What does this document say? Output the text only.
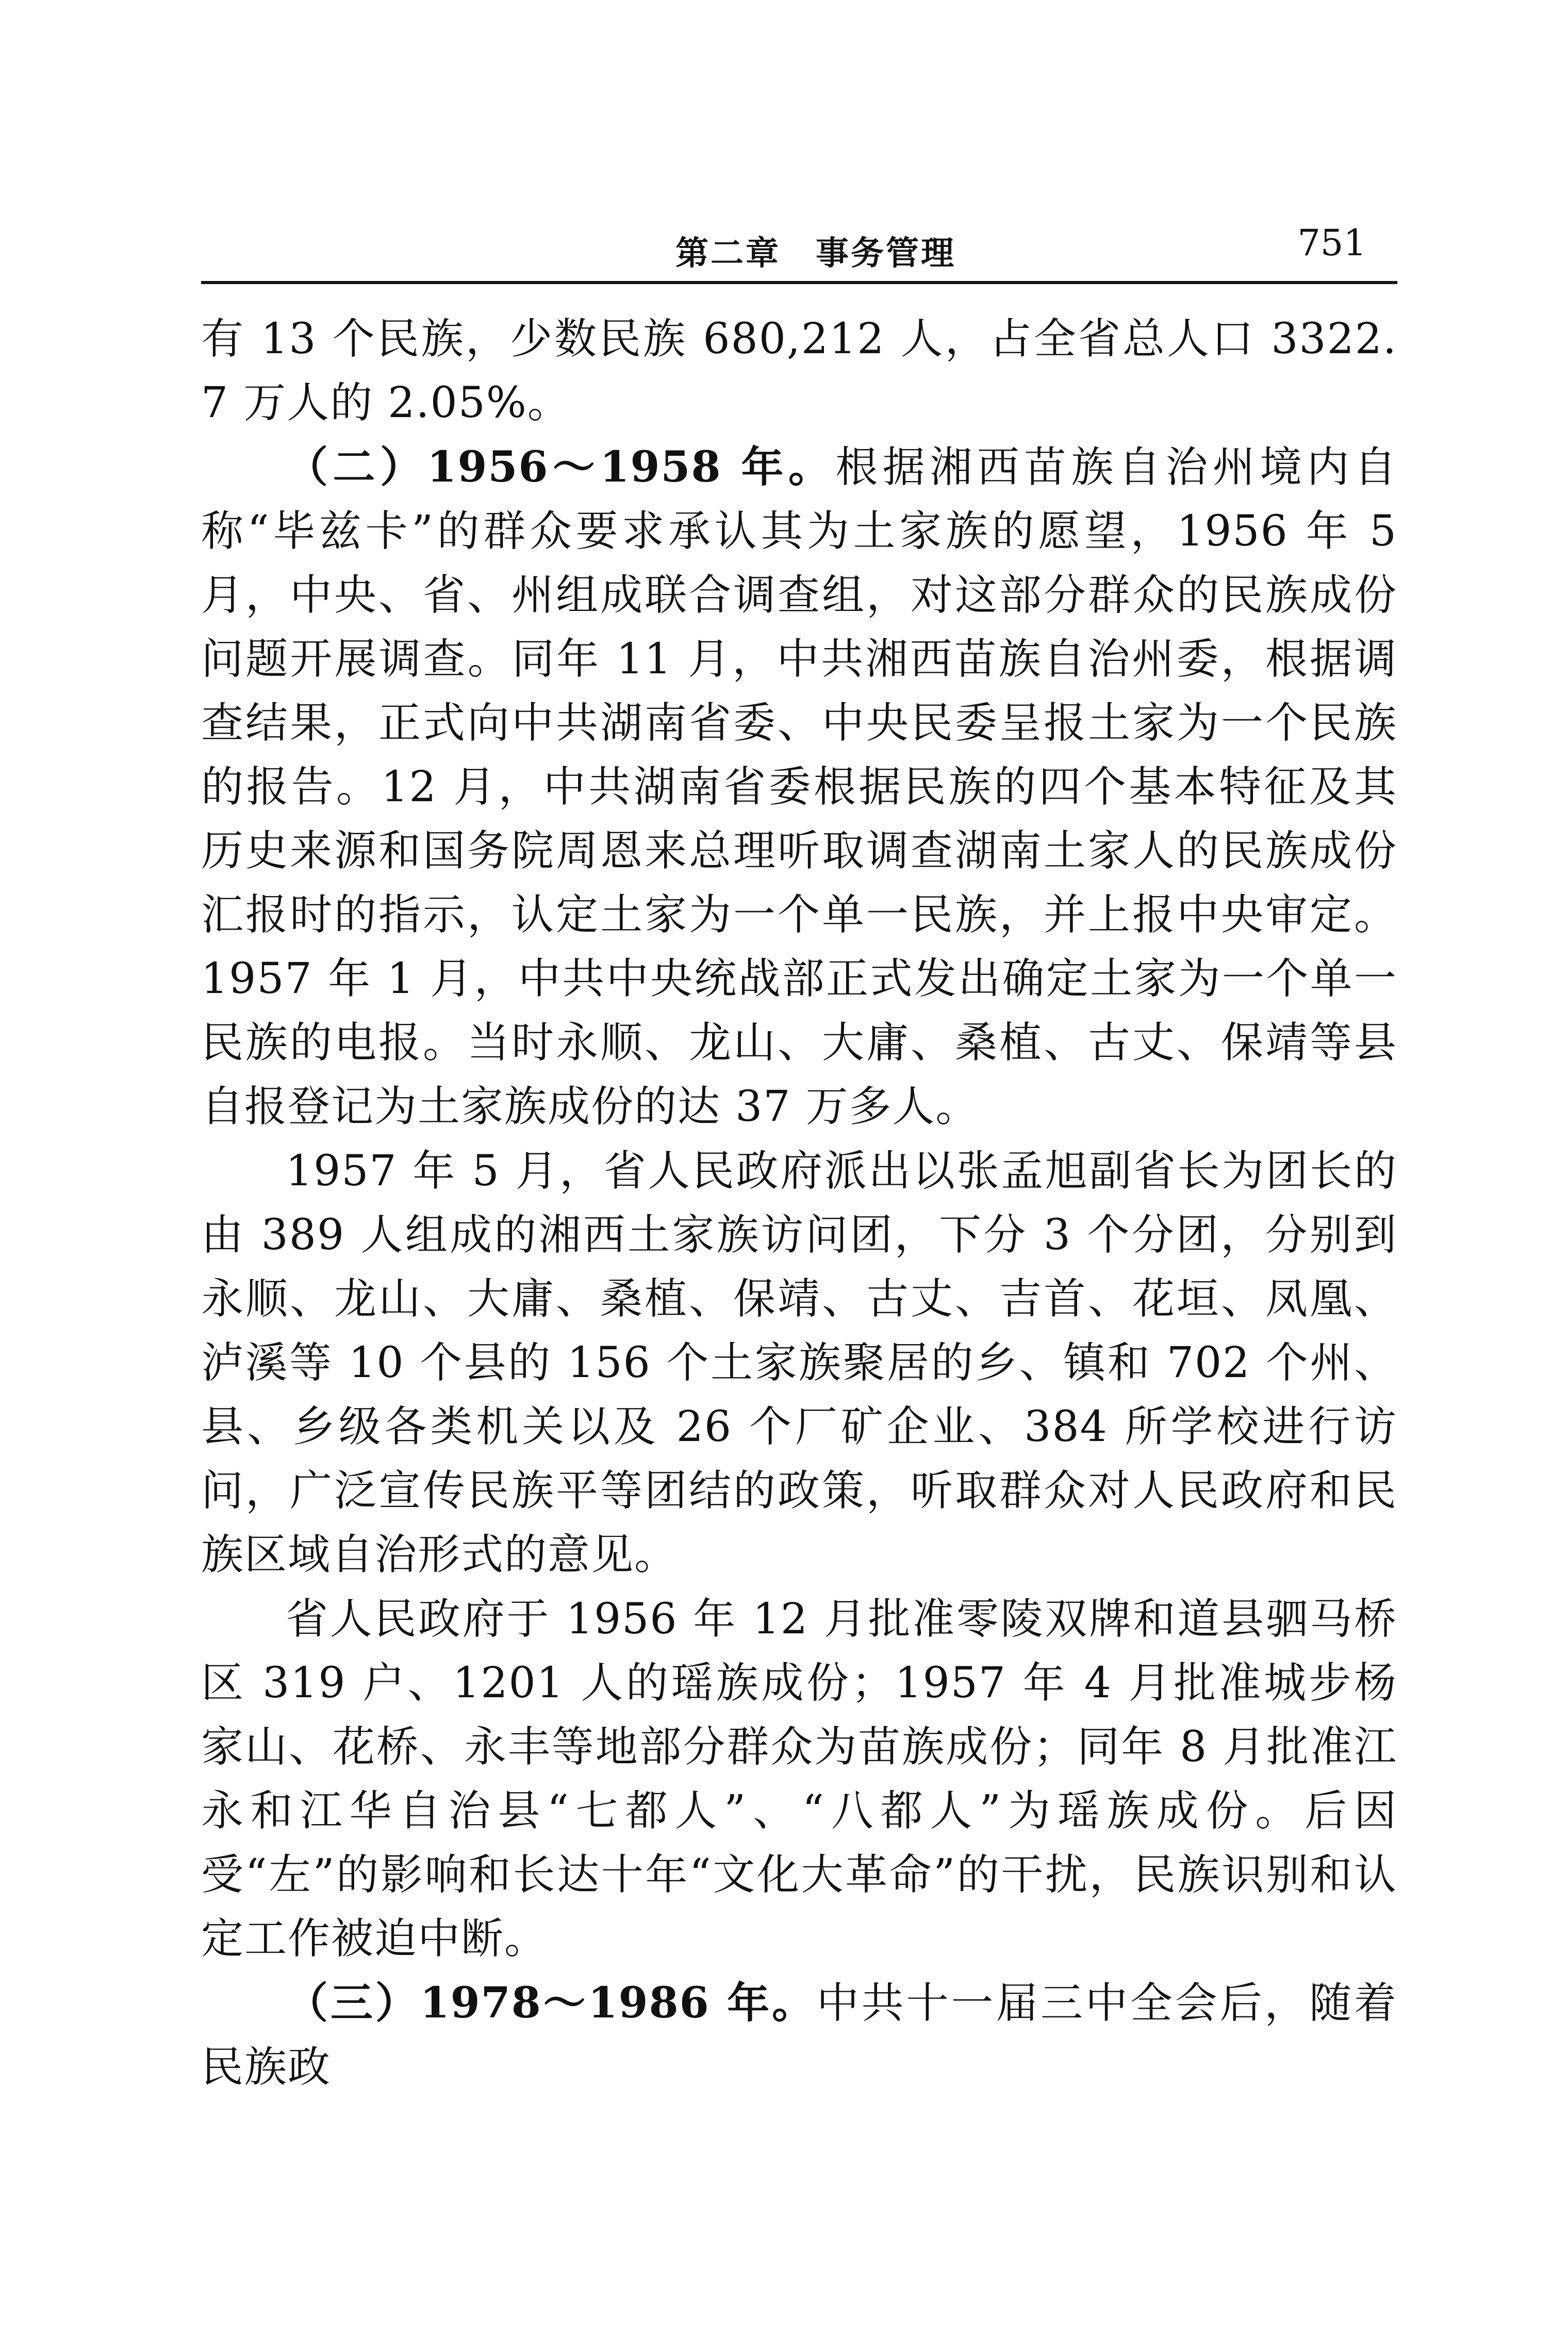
第二章　事务管理	751

有 13 个民族，少数民族 680,212 人，占全省总人口 3322.7 万人的 2.05%。

（二）1956～1958 年。根据湘西苗族自治州境内自称“毕兹卡”的群众要求承认其为土家族的愿望，1956 年 5 月，中央、省、州组成联合调查组，对这部分群众的民族成份问题开展调查。同年 11 月，中共湘西苗族自治州委，根据调查结果，正式向中共湖南省委、中央民委呈报土家为一个民族的报告。12 月，中共湖南省委根据民族的四个基本特征及其历史来源和国务院周恩来总理听取调查湖南土家人的民族成份汇报时的指示，认定土家为一个单一民族，并上报中央审定。1957 年 1 月，中共中央统战部正式发出确定土家为一个单一民族的电报。当时永顺、龙山、大庸、桑植、古丈、保靖等县自报登记为土家族成份的达 37 万多人。

1957 年 5 月，省人民政府派出以张孟旭副省长为团长的由 389 人组成的湘西土家族访问团，下分 3 个分团，分别到永顺、龙山、大庸、桑植、保靖、古丈、吉首、花垣、凤凰、泸溪等 10 个县的 156 个土家族聚居的乡、镇和 702 个州、县、乡级各类机关以及 26 个厂矿企业、384 所学校进行访问，广泛宣传民族平等团结的政策，听取群众对人民政府和民族区域自治形式的意见。

省人民政府于 1956 年 12 月批准零陵双牌和道县驷马桥区 319 户、1201 人的瑶族成份；1957 年 4 月批准城步杨家山、花桥、永丰等地部分群众为苗族成份；同年 8 月批准江永和江华自治县“七都人”、“八都人”为瑶族成份。后因受“左”的影响和长达十年“文化大革命”的干扰，民族识别和认定工作被迫中断。

（三）1978～1986 年。中共十一届三中全会后，随着民族政
